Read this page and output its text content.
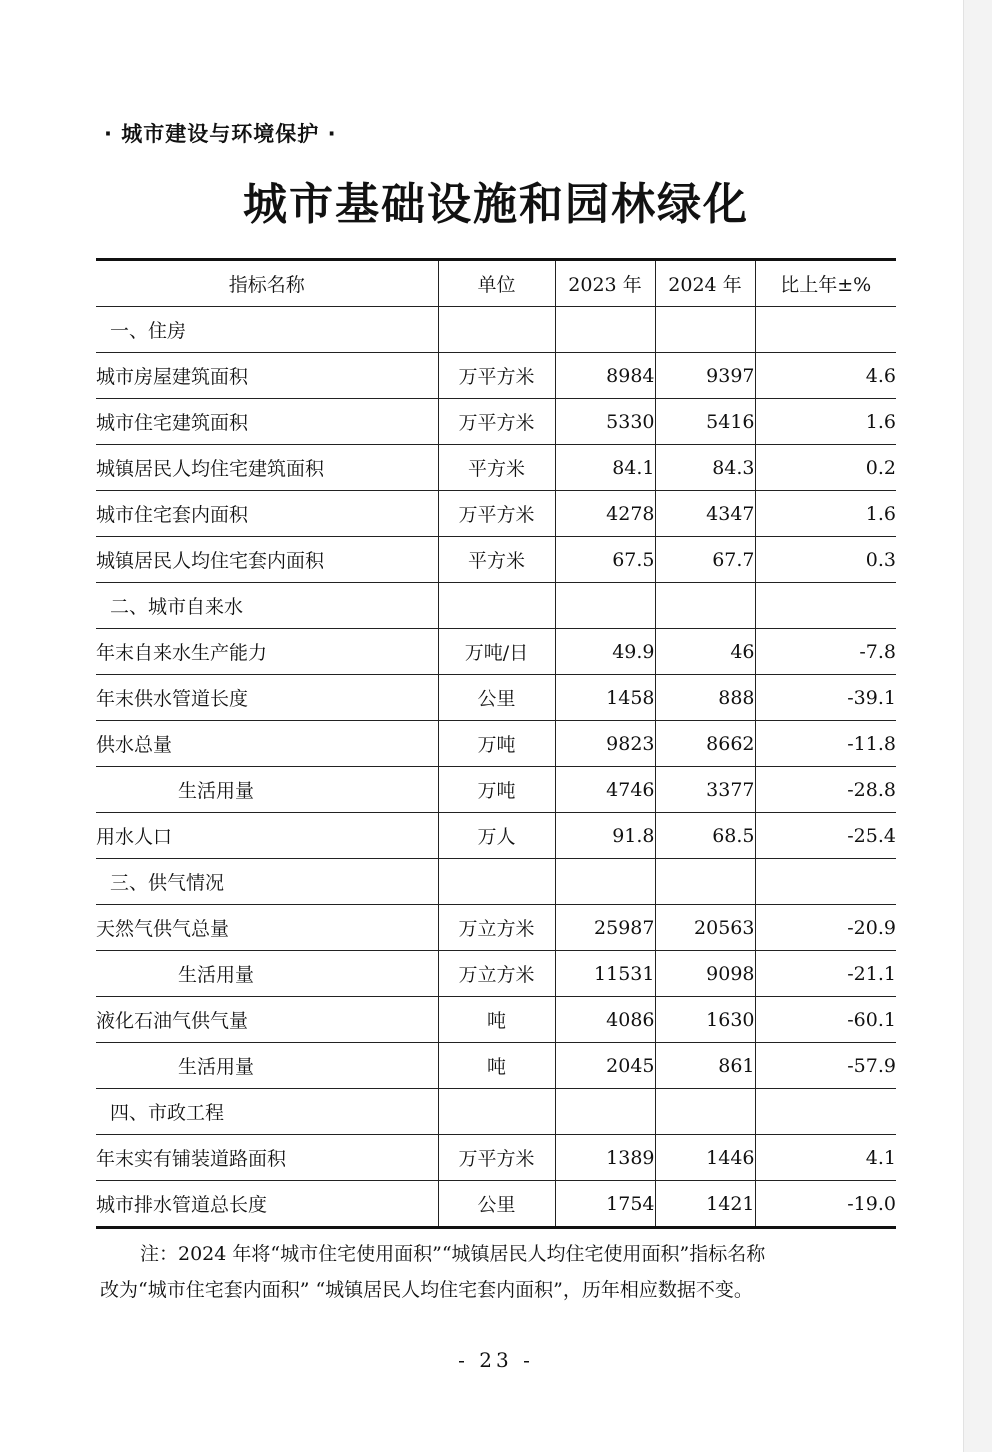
· 城市建设与环境保护 ·
城市基础设施和园林绿化
指标名称	单位	2023 年	2024 年	比上年±%
一、住房				
城市房屋建筑面积	万平方米	8984	9397	4.6
城市住宅建筑面积	万平方米	5330	5416	1.6
城镇居民人均住宅建筑面积	平方米	84.1	84.3	0.2
城市住宅套内面积	万平方米	4278	4347	1.6
城镇居民人均住宅套内面积	平方米	67.5	67.7	0.3
二、城市自来水				
年末自来水生产能力	万吨/日	49.9	46	-7.8
年末供水管道长度	公里	1458	888	-39.1
供水总量	万吨	9823	8662	-11.8
生活用量	万吨	4746	3377	-28.8
用水人口	万人	91.8	68.5	-25.4
三、供气情况				
天然气供气总量	万立方米	25987	20563	-20.9
生活用量	万立方米	11531	9098	-21.1
液化石油气供气量	吨	4086	1630	-60.1
生活用量	吨	2045	861	-57.9
四、市政工程				
年末实有铺装道路面积	万平方米	1389	1446	4.1
城市排水管道总长度	公里	1754	1421	-19.0

注：2024 年将“城市住宅使用面积”“城镇居民人均住宅使用面积”指标名称

改为“城市住宅套内面积” “城镇居民人均住宅套内面积”，历年相应数据不变。

- 23 -
